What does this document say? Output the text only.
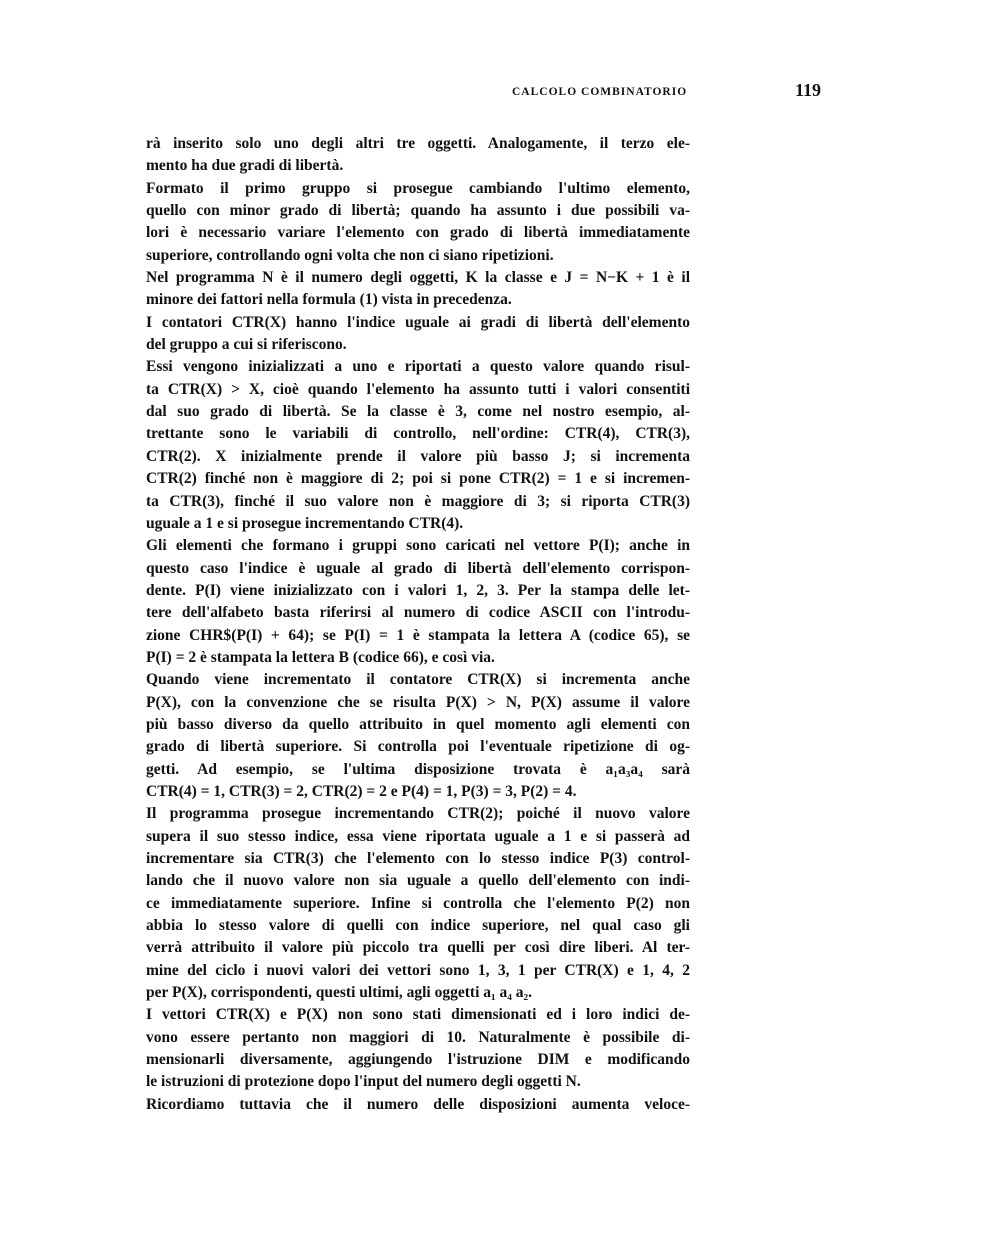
CALCOLO COMBINATORIO	119

rà inserito solo uno degli altri tre oggetti. Analogamente, il terzo ele-
mento ha due gradi di libertà.

Formato il primo gruppo si prosegue cambiando l'ultimo elemento,
quello con minor grado di libertà; quando ha assunto i due possibili va-
lori è necessario variare l'elemento con grado di libertà immediatamente
superiore, controllando ogni volta che non ci siano ripetizioni.

Nel programma N è il numero degli oggetti, K la classe e J = N−K + 1 è il
minore dei fattori nella formula (1) vista in precedenza.

I contatori CTR(X) hanno l'indice uguale ai gradi di libertà dell'elemento
del gruppo a cui si riferiscono.

Essi vengono inizializzati a uno e riportati a questo valore quando risul-
ta CTR(X) > X, cioè quando l'elemento ha assunto tutti i valori consentiti
dal suo grado di libertà. Se la classe è 3, come nel nostro esempio, al-
trettante sono le variabili di controllo, nell'ordine: CTR(4), CTR(3),
CTR(2). X inizialmente prende il valore più basso J; si incrementa
CTR(2) finché non è maggiore di 2; poi si pone CTR(2) = 1 e si incremen-
ta CTR(3), finché il suo valore non è maggiore di 3; si riporta CTR(3)
uguale a 1 e si prosegue incrementando CTR(4).

Gli elementi che formano i gruppi sono caricati nel vettore P(I); anche in
questo caso l'indice è uguale al grado di libertà dell'elemento corrispon-
dente. P(I) viene inizializzato con i valori 1, 2, 3. Per la stampa delle let-
tere dell'alfabeto basta riferirsi al numero di codice ASCII con l'introdu-
zione CHR$(P(I) + 64); se P(I) = 1 è stampata la lettera A (codice 65), se
P(I) = 2 è stampata la lettera B (codice 66), e così via.

Quando viene incrementato il contatore CTR(X) si incrementa anche
P(X), con la convenzione che se risulta P(X) > N, P(X) assume il valore
più basso diverso da quello attribuito in quel momento agli elementi con
grado di libertà superiore. Si controlla poi l'eventuale ripetizione di og-
getti. Ad esempio, se l'ultima disposizione trovata è a₁a₃a₄ sarà
CTR(4) = 1, CTR(3) = 2, CTR(2) = 2 e P(4) = 1, P(3) = 3, P(2) = 4.

Il programma prosegue incrementando CTR(2); poiché il nuovo valore
supera il suo stesso indice, essa viene riportata uguale a 1 e si passerà ad
incrementare sia CTR(3) che l'elemento con lo stesso indice P(3) control-
lando che il nuovo valore non sia uguale a quello dell'elemento con indi-
ce immediatamente superiore. Infine si controlla che l'elemento P(2) non
abbia lo stesso valore di quelli con indice superiore, nel qual caso gli
verrà attribuito il valore più piccolo tra quelli per così dire liberi. Al ter-
mine del ciclo i nuovi valori dei vettori sono 1, 3, 1 per CTR(X) e 1, 4, 2
per P(X), corrispondenti, questi ultimi, agli oggetti a₁ a₄ a₂.

I vettori CTR(X) e P(X) non sono stati dimensionati ed i loro indici de-
vono essere pertanto non maggiori di 10. Naturalmente è possibile di-
mensionarli diversamente, aggiungendo l'istruzione DIM e modificando
le istruzioni di protezione dopo l'input del numero degli oggetti N.

Ricordiamo tuttavia che il numero delle disposizioni aumenta veloce-
